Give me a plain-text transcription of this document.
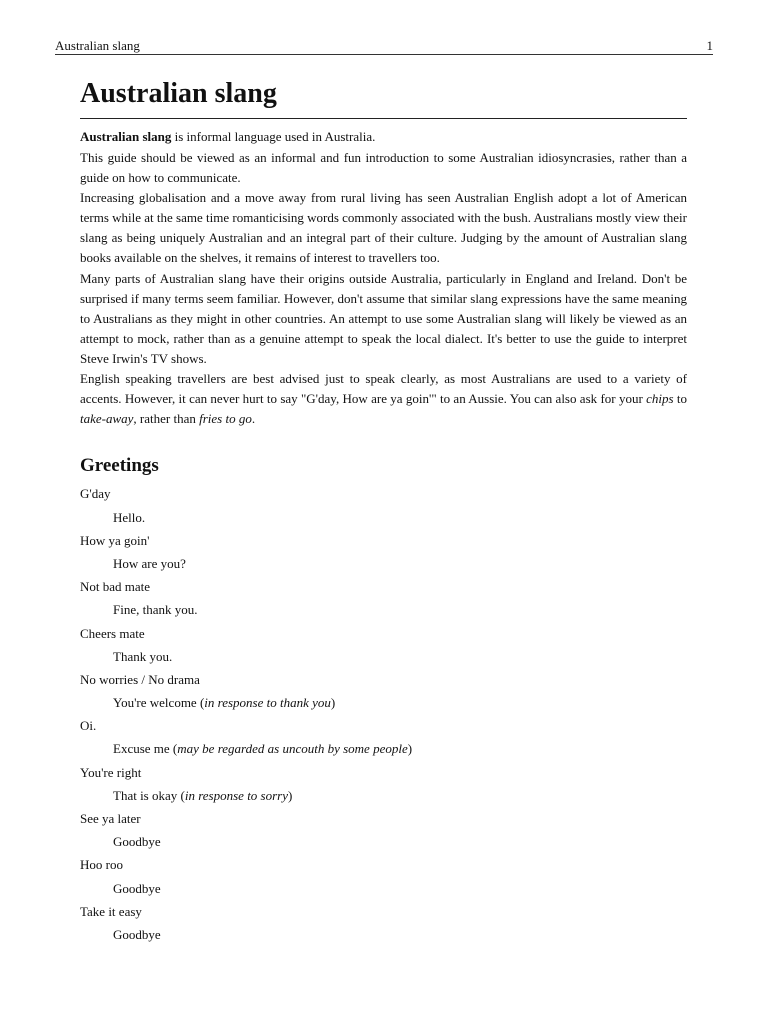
Australian slang	1
Australian slang

Australian slang is informal language used in Australia.

This guide should be viewed as an informal and fun introduction to some Australian idiosyncrasies, rather than a guide on how to communicate.

Increasing globalisation and a move away from rural living has seen Australian English adopt a lot of American terms while at the same time romanticising words commonly associated with the bush. Australians mostly view their slang as being uniquely Australian and an integral part of their culture. Judging by the amount of Australian slang books available on the shelves, it remains of interest to travellers too.

Many parts of Australian slang have their origins outside Australia, particularly in England and Ireland. Don't be surprised if many terms seem familiar. However, don't assume that similar slang expressions have the same meaning to Australians as they might in other countries. An attempt to use some Australian slang will likely be viewed as an attempt to mock, rather than as a genuine attempt to speak the local dialect. It's better to use the guide to interpret Steve Irwin's TV shows.

English speaking travellers are best advised just to speak clearly, as most Australians are used to a variety of accents. However, it can never hurt to say "G'day, How are ya goin'" to an Aussie. You can also ask for your chips to take-away, rather than fries to go.

Greetings
G'day
Hello.
How ya goin'
How are you?
Not bad mate
Fine, thank you.
Cheers mate
Thank you.
No worries / No drama
You're welcome (in response to thank you)
Oi.
Excuse me (may be regarded as uncouth by some people)
You're right
That is okay (in response to sorry)
See ya later
Goodbye
Hoo roo
Goodbye
Take it easy
Goodbye
